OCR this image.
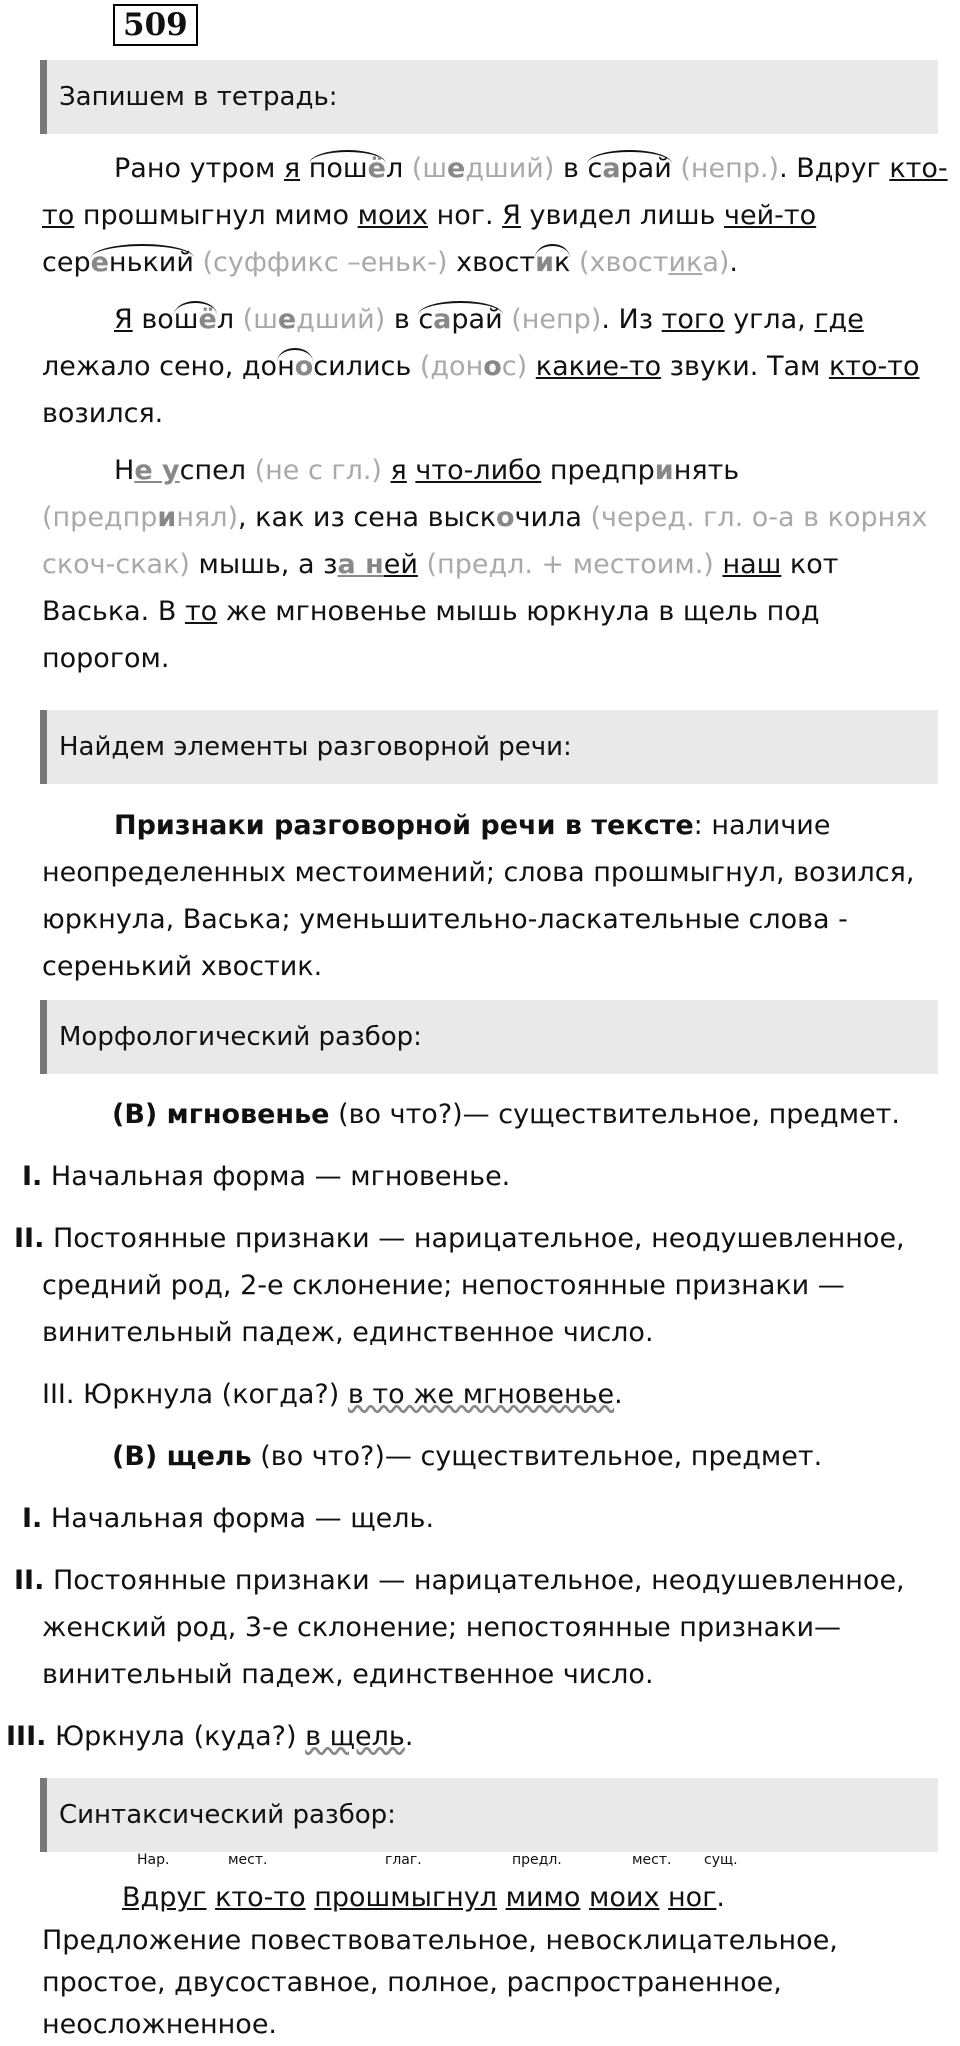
509
Запишем в тетрадь:

Рано утром я пошёл (шедший) в сарай (непр.). Вдруг кто-то прошмыгнул мимо моих ног. Я увидел лишь чей-то серенький (суффикс –еньк-) хвостик (хвостика).

Я вошёл (шедший) в сарай (непр). Из того угла, где лежало сено, доносились (донос) какие-то звуки. Там кто-то возился.

Не успел (не с гл.) я что-либо предпринять (предпринял), как из сена выскочила (черед. гл. о-а в корнях скоч-скак) мышь, а за ней (предл. + местоим.) наш кот Васька. В то же мгновенье мышь юркнула в щель под порогом.

Найдем элементы разговорной речи:

Признаки разговорной речи в тексте: наличие неопределенных местоимений; слова прошмыгнул, возился, юркнула, Васька; уменьшительно-ласкательные слова - серенький хвостик.

Морфологический разбор:
(В) мгновенье (во что?)— существительное, предмет.
I. Начальная форма — мгновенье.
II. Постоянные признаки — нарицательное, неодушевленное,
средний род, 2-е склонение; непостоянные признаки —
винительный падеж, единственное число.
III. Юркнула (когда?) в то же мгновенье.
(В) щель (во что?)— существительное, предмет.
I. Начальная форма — щель.
II. Постоянные признаки — нарицательное, неодушевленное,
женский род, 3-е склонение; непостоянные признаки—
винительный падеж, единственное число.
III. Юркнула (куда?) в щель.
Синтаксический разбор:
Нар.	мест.	глаг.	предл.	мест. сущ.

Вдруг кто-то прошмыгнул мимо моих ног.

Предложение повествовательное, невосклицательное, простое, двусоставное, полное, распространенное, неосложненное.
